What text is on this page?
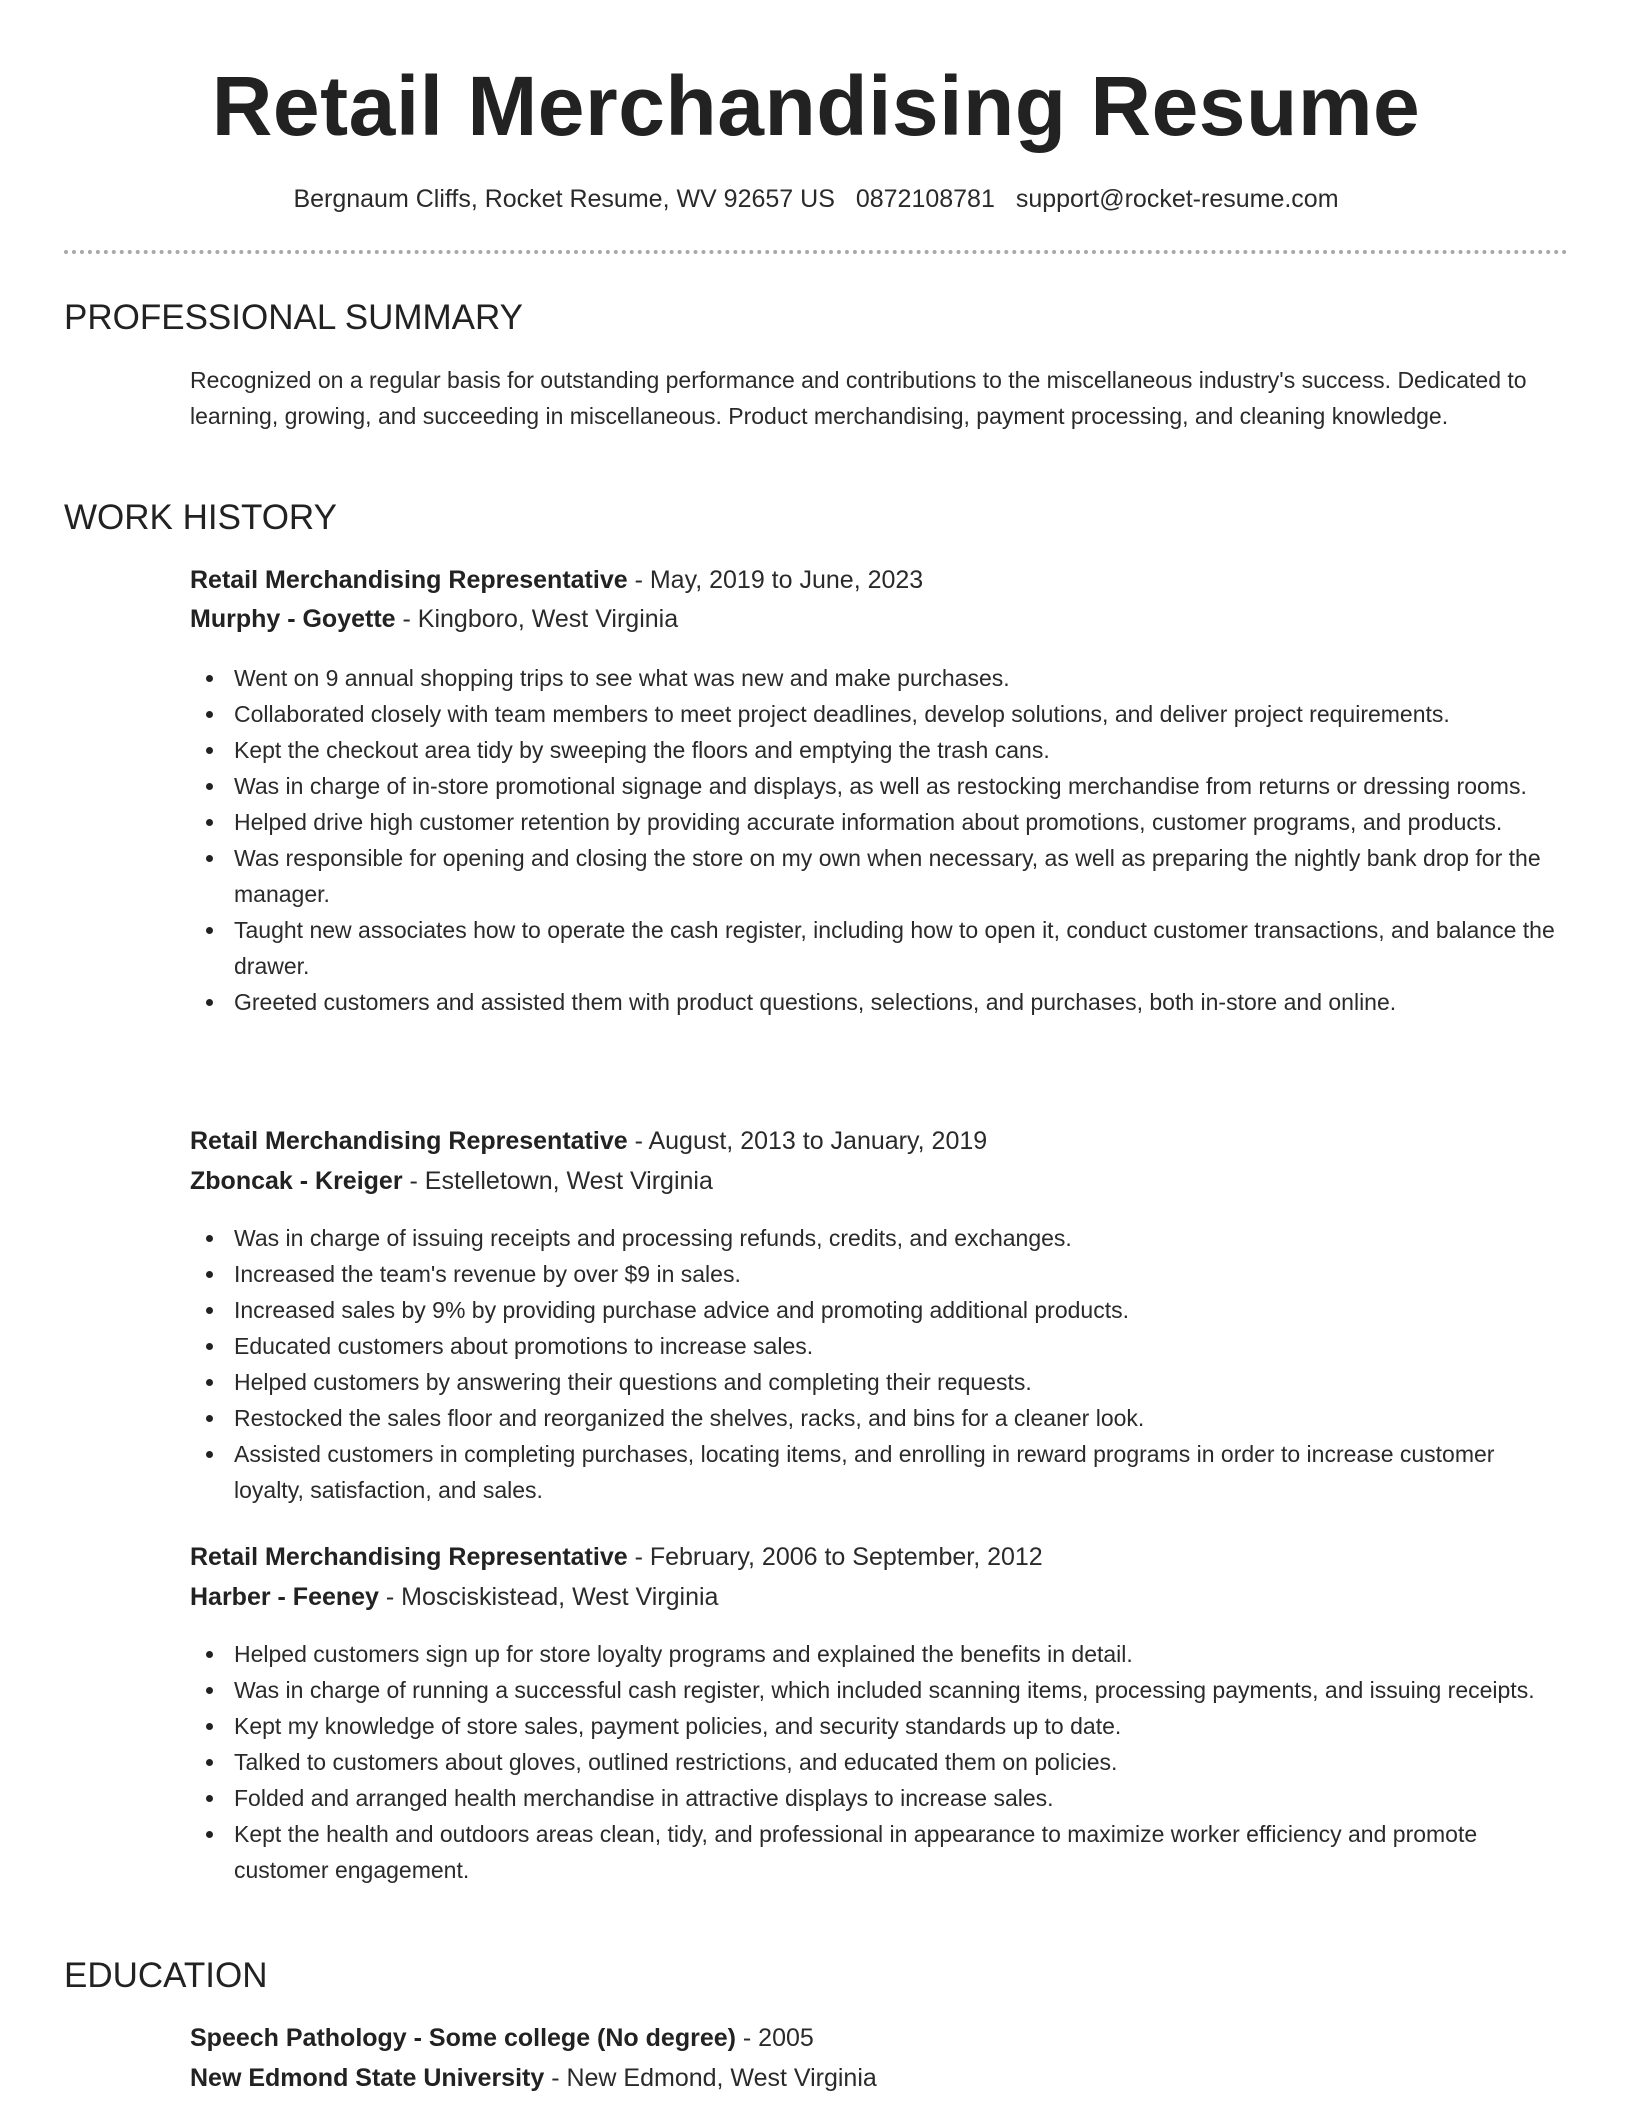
Retail Merchandising Resume
Bergnaum Cliffs, Rocket Resume, WV 92657 US 0872108781 support@rocket-resume.com
PROFESSIONAL SUMMARY

Recognized on a regular basis for outstanding performance and contributions to the miscellaneous industry's success. Dedicated to learning, growing, and succeeding in miscellaneous. Product merchandising, payment processing, and cleaning knowledge.

WORK HISTORY
Retail Merchandising Representative - May, 2019 to June, 2023
Murphy - Goyette - Kingboro, West Virginia
Went on 9 annual shopping trips to see what was new and make purchases.
Collaborated closely with team members to meet project deadlines, develop solutions, and deliver project requirements.
Kept the checkout area tidy by sweeping the floors and emptying the trash cans.
Was in charge of in-store promotional signage and displays, as well as restocking merchandise from returns or dressing rooms.
Helped drive high customer retention by providing accurate information about promotions, customer programs, and products.
Was responsible for opening and closing the store on my own when necessary, as well as preparing the nightly bank drop for the manager.
Taught new associates how to operate the cash register, including how to open it, conduct customer transactions, and balance the drawer.
Greeted customers and assisted them with product questions, selections, and purchases, both in-store and online.
Retail Merchandising Representative - August, 2013 to January, 2019
Zboncak - Kreiger - Estelletown, West Virginia
Was in charge of issuing receipts and processing refunds, credits, and exchanges.
Increased the team's revenue by over $9 in sales.
Increased sales by 9% by providing purchase advice and promoting additional products.
Educated customers about promotions to increase sales.
Helped customers by answering their questions and completing their requests.
Restocked the sales floor and reorganized the shelves, racks, and bins for a cleaner look.
Assisted customers in completing purchases, locating items, and enrolling in reward programs in order to increase customer loyalty, satisfaction, and sales.
Retail Merchandising Representative - February, 2006 to September, 2012
Harber - Feeney - Mosciskistead, West Virginia
Helped customers sign up for store loyalty programs and explained the benefits in detail.
Was in charge of running a successful cash register, which included scanning items, processing payments, and issuing receipts.
Kept my knowledge of store sales, payment policies, and security standards up to date.
Talked to customers about gloves, outlined restrictions, and educated them on policies.
Folded and arranged health merchandise in attractive displays to increase sales.
Kept the health and outdoors areas clean, tidy, and professional in appearance to maximize worker efficiency and promote customer engagement.
EDUCATION
Speech Pathology - Some college (No degree) - 2005
New Edmond State University - New Edmond, West Virginia
